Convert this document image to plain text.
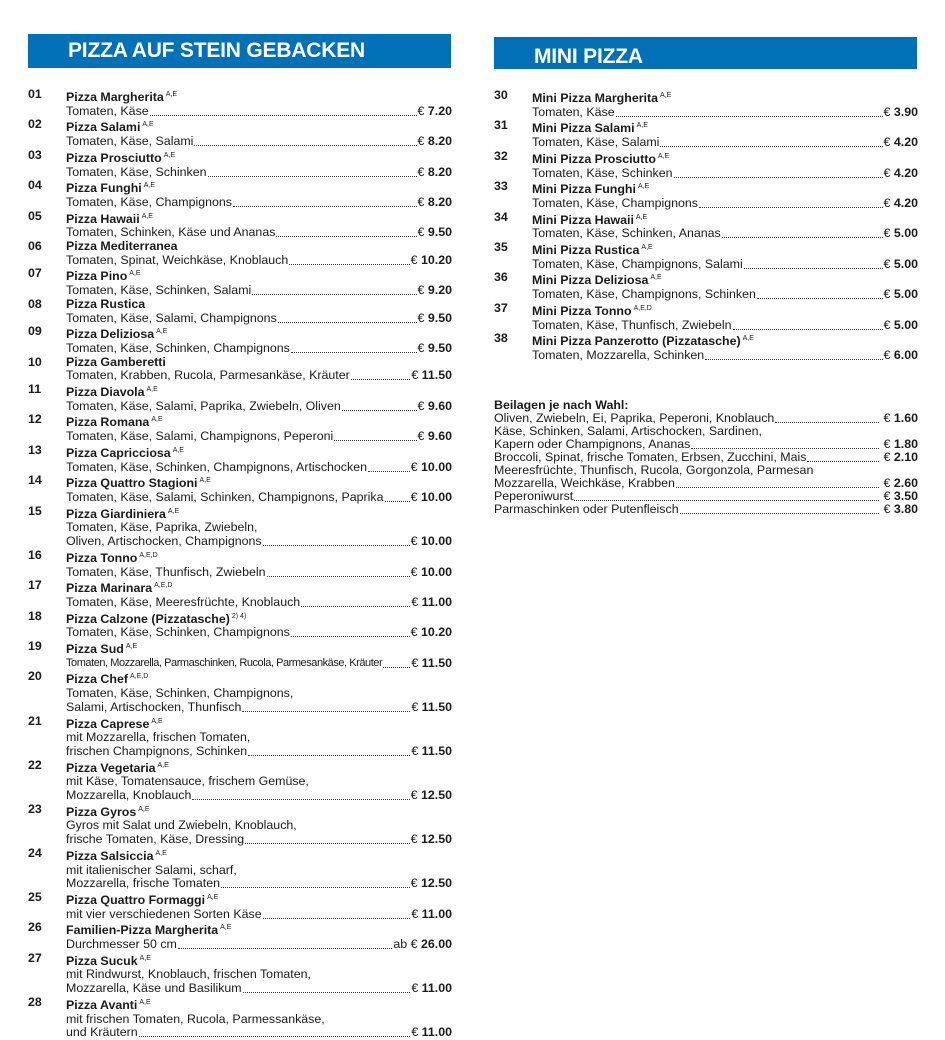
PIZZA AUF STEIN GEBACKEN	MINI PIZZA
01	Pizza Margherita $^{A,E}$
Tomaten, Käse	€ 7.20
02	Pizza Salami $^{A,E}$
Tomaten, Käse, Salami	€ 8.20
03	Pizza Prosciutto $^{A,E}$
Tomaten, Käse, Schinken	€ 8.20
04	Pizza Funghi $^{A,E}$
Tomaten, Käse, Champignons	€ 8.20
05	Pizza Hawaii $^{A,E}$
Tomaten, Schinken, Käse und Ananas	€ 9.50
06	Pizza Mediterranea
Tomaten, Spinat, Weichkäse, Knoblauch	€ 10.20
07	Pizza Pino $^{A,E}$
Tomaten, Käse, Schinken, Salami	€ 9.20
08	Pizza Rustica
Tomaten, Käse, Salami, Champignons	€ 9.50
09	Pizza Deliziosa $^{A,E}$
Tomaten, Käse, Schinken, Champignons	€ 9.50
10	Pizza Gamberetti
Tomaten, Krabben, Rucola, Parmesankäse, Kräuter	€ 11.50
11	Pizza Diavola $^{A,E}$
Tomaten, Käse, Salami, Paprika, Zwiebeln, Oliven	€ 9.60
12	Pizza Romana $^{A,E}$
Tomaten, Käse, Salami, Champignons, Peperoni	€ 9.60
13	Pizza Capricciosa $^{A,E}$
Tomaten, Käse, Schinken, Champignons, Artischocken	€ 10.00
14	Pizza Quattro Stagioni $^{A,E}$
Tomaten, Käse, Salami, Schinken, Champignons, Paprika € 10.00
15	Pizza Giardiniera $^{A,E}$
Tomaten, Käse, Paprika, Zwiebeln,
Oliven, Artischocken, Champignons	€ 10.00
16	Pizza Tonno $^{A,E,D}$
Tomaten, Käse, Thunfisch, Zwiebeln	€ 10.00
17	Pizza Marinara $^{A,E,D}$
Tomaten, Käse, Meeresfrüchte, Knoblauch	€ 11.00
18	Pizza Calzone (Pizzatasche) $^{2) 4)}$
Tomaten, Käse, Schinken, Champignons	€ 10.20
19	Pizza Sud $^{A,E}$
Tomaten, Mozzarella, Parmaschinken, Rucola, Parmesankäse, Kräuter € 11.50
20	Pizza Chef $^{A,E,D}$
Tomaten, Käse, Schinken, Champignons,
Salami, Artischocken, Thunfisch	€ 11.50
21	Pizza Caprese $^{A,E}$
mit Mozzarella, frischen Tomaten,
frischen Champignons, Schinken	€ 11.50
22	Pizza Vegetaria $^{A,E}$
mit Käse, Tomatensauce, frischem Gemüse,
Mozzarella, Knoblauch	€ 12.50
23	Pizza Gyros $^{A,E}$
Gyros mit Salat und Zwiebeln, Knoblauch,
frische Tomaten, Käse, Dressing	€ 12.50
24	Pizza Salsiccia $^{A,E}$
mit italienischer Salami, scharf,
Mozzarella, frische Tomaten	€ 12.50
25	Pizza Quattro Formaggi $^{A,E}$
mit vier verschiedenen Sorten Käse	€ 11.00
26	Familien-Pizza Margherita $^{A,E}$
Durchmesser 50 cm	ab € 26.00
27	Pizza Sucuk $^{A,E}$
mit Rindwurst, Knoblauch, frischen Tomaten,
Mozzarella, Käse und Basilikum	€ 11.00
28	Pizza Avanti $^{A,E}$
mit frischen Tomaten, Rucola, Parmessankäse,
und Kräutern	€ 11.00
30	Mini Pizza Margherita $^{A,E}$
Tomaten, Käse	€ 3.90
31	Mini Pizza Salami $^{A,E}$
Tomaten, Käse, Salami	€ 4.20
32	Mini Pizza Prosciutto $^{A,E}$
Tomaten, Käse, Schinken	€ 4.20
33	Mini Pizza Funghi $^{A,E}$
Tomaten, Käse, Champignons	€ 4.20
34	Mini Pizza Hawaii $^{A,E}$
Tomaten, Käse, Schinken, Ananas	€ 5.00
35	Mini Pizza Rustica $^{A,E}$
Tomaten, Käse, Champignons, Salami	€ 5.00
36	Mini Pizza Deliziosa $^{A,E}$
Tomaten, Käse, Champignons, Schinken	€ 5.00
37	Mini Pizza Tonno $^{A,E,D}$
Tomaten, Käse, Thunfisch, Zwiebeln	€ 5.00
38	Mini Pizza Panzerotto (Pizzatasche) $^{A,E}$
Tomaten, Mozzarella, Schinken	€ 6.00
Beilagen je nach Wahl:
Oliven, Zwiebeln, Ei, Paprika, Peperoni, Knoblauch	€ 1.60
Käse, Schinken, Salami, Artischocken, Sardinen,
Kapern oder Champignons, Ananas	€ 1.80
Broccoli, Spinat, frische Tomaten, Erbsen, Zucchini, Mais	€ 2.10
Meeresfrüchte, Thunfisch, Rucola, Gorgonzola, Parmesan
Mozzarella, Weichkäse, Krabben	€ 2.60
Peperoniwurst	€ 3.50
Parmaschinken oder Putenfleisch	€ 3.80
